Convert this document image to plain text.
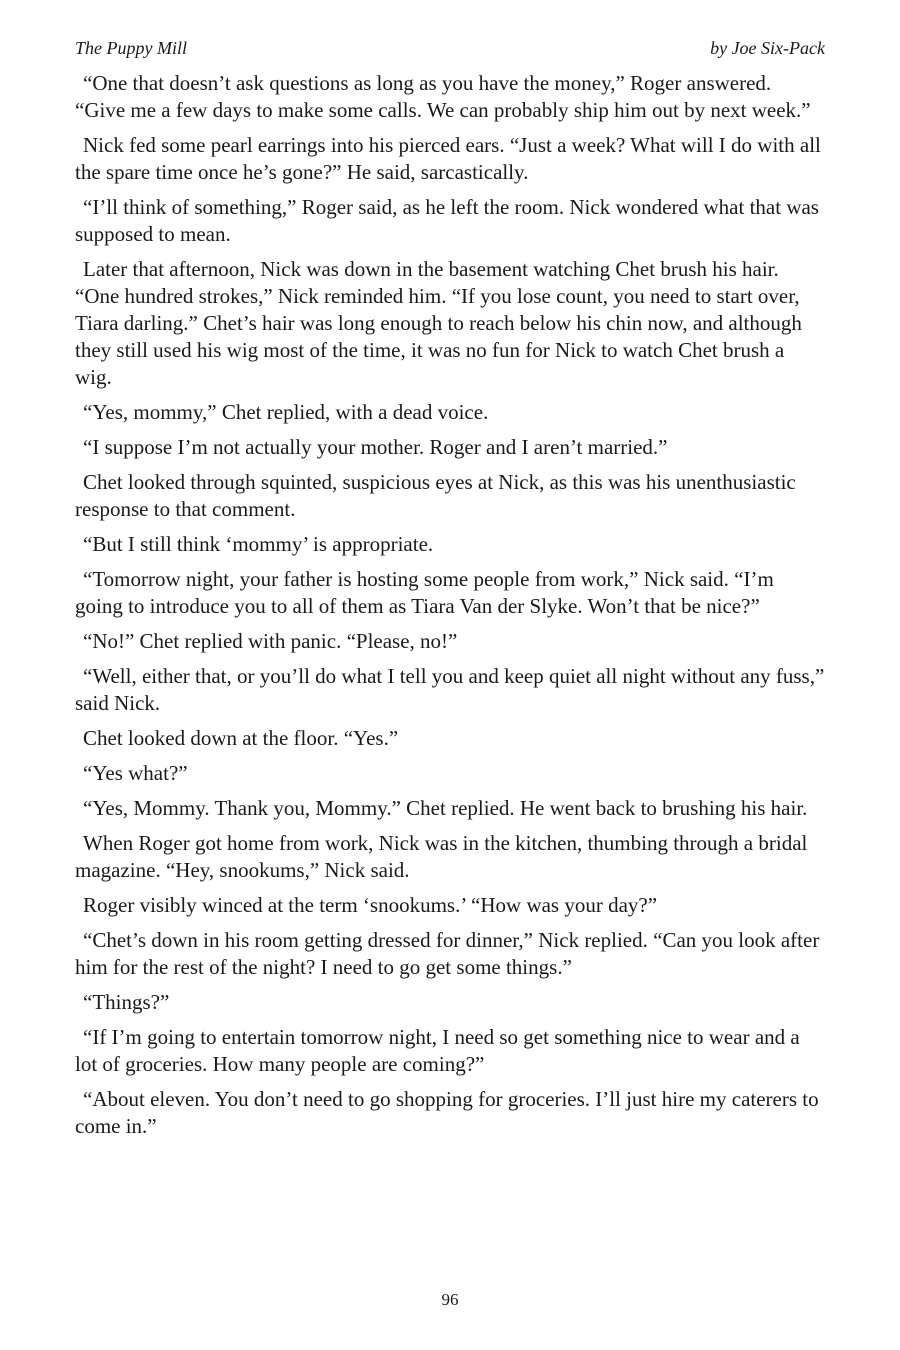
The Puppy Mill	by Joe Six-Pack

“One that doesn’t ask questions as long as you have the money,” Roger answered. “Give me a few days to make some calls. We can probably ship him out by next week.”

Nick fed some pearl earrings into his pierced ears. “Just a week? What will I do with all the spare time once he’s gone?” He said, sarcastically.

“I’ll think of something,” Roger said, as he left the room. Nick wondered what that was supposed to mean.

Later that afternoon, Nick was down in the basement watching Chet brush his hair. “One hundred strokes,” Nick reminded him. “If you lose count, you need to start over, Tiara darling.” Chet’s hair was long enough to reach below his chin now, and although they still used his wig most of the time, it was no fun for Nick to watch Chet brush a wig.

“Yes, mommy,” Chet replied, with a dead voice.

“I suppose I’m not actually your mother. Roger and I aren’t married.”

Chet looked through squinted, suspicious eyes at Nick, as this was his unenthusiastic response to that comment.

“But I still think ‘mommy’ is appropriate.

“Tomorrow night, your father is hosting some people from work,” Nick said. “I’m going to introduce you to all of them as Tiara Van der Slyke. Won’t that be nice?”

“No!” Chet replied with panic. “Please, no!”

“Well, either that, or you’ll do what I tell you and keep quiet all night without any fuss,” said Nick.

Chet looked down at the floor. “Yes.”

“Yes what?”

“Yes, Mommy. Thank you, Mommy.” Chet replied. He went back to brushing his hair.

When Roger got home from work, Nick was in the kitchen, thumbing through a bridal magazine. “Hey, snookums,” Nick said.

Roger visibly winced at the term ‘snookums.’ “How was your day?”

“Chet’s down in his room getting dressed for dinner,” Nick replied. “Can you look after him for the rest of the night? I need to go get some things.”

“Things?”

“If I’m going to entertain tomorrow night, I need so get something nice to wear and a lot of groceries. How many people are coming?”

“About eleven. You don’t need to go shopping for groceries. I’ll just hire my caterers to come in.”

96
